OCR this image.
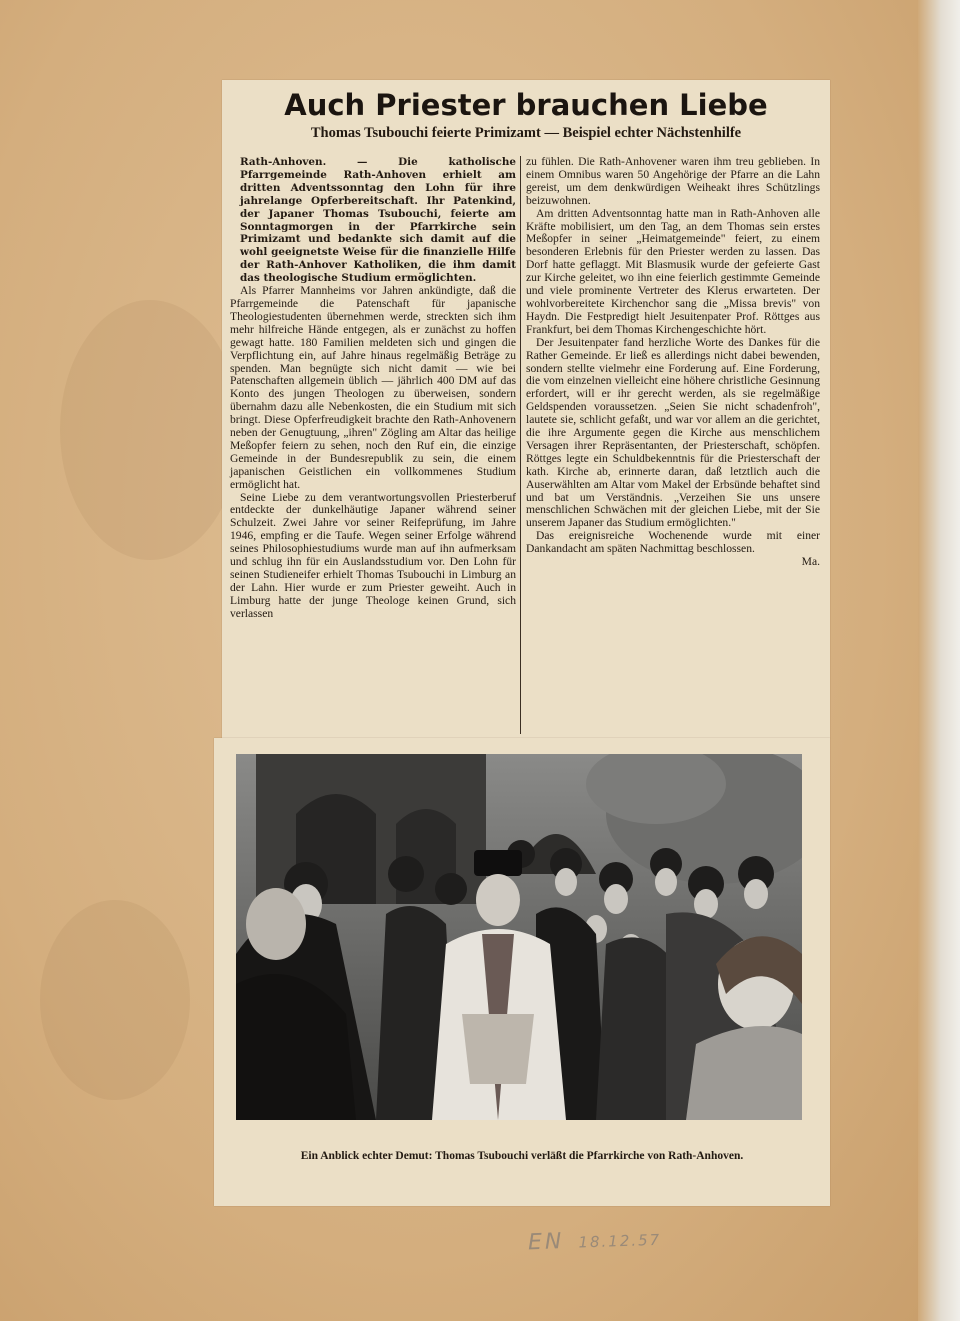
Auch Priester brauchen Liebe
Thomas Tsubouchi feierte Primizamt — Beispiel echter Nächstenhilfe

Rath-Anhoven. — Die katholische Pfarrgemeinde Rath-Anhoven erhielt am dritten Adventssonntag den Lohn für ihre jahrelange Opferbereitschaft. Ihr Patenkind, der Japaner Thomas Tsubouchi, feierte am Sonntagmorgen in der Pfarrkirche sein Primizamt und bedankte sich damit auf die wohl geeignetste Weise für die finanzielle Hilfe der Rath-Anhover Katholiken, die ihm damit das theologische Studium ermöglichten.

Als Pfarrer Mannheims vor Jahren ankündigte, daß die Pfarrgemeinde die Patenschaft für japanische Theologiestudenten übernehmen werde, streckten sich ihm mehr hilfreiche Hände entgegen, als er zunächst zu hoffen gewagt hatte. 180 Familien meldeten sich und gingen die Verpflichtung ein, auf Jahre hinaus regelmäßig Beträge zu spenden. Man begnügte sich nicht damit — wie bei Patenschaften allgemein üblich — jährlich 400 DM auf das Konto des jungen Theologen zu überweisen, sondern übernahm dazu alle Nebenkosten, die ein Studium mit sich bringt. Diese Opferfreudigkeit brachte den Rath-Anhovenern neben der Genugtuung, „ihren" Zögling am Altar das heilige Meßopfer feiern zu sehen, noch den Ruf ein, die einzige Gemeinde in der Bundesrepublik zu sein, die einem japanischen Geistlichen ein vollkommenes Studium ermöglicht hat.

Seine Liebe zu dem verantwortungsvollen Priesterberuf entdeckte der dunkelhäutige Japaner während seiner Schulzeit. Zwei Jahre vor seiner Reifeprüfung, im Jahre 1946, empfing er die Taufe. Wegen seiner Erfolge während seines Philosophiestudiums wurde man auf ihn aufmerksam und schlug ihn für ein Auslandsstudium vor. Den Lohn für seinen Studieneifer erhielt Thomas Tsubouchi in Limburg an der Lahn. Hier wurde er zum Priester geweiht. Auch in Limburg hatte der junge Theologe keinen Grund, sich verlassen

zu fühlen. Die Rath-Anhovener waren ihm treu geblieben. In einem Omnibus waren 50 Angehörige der Pfarre an die Lahn gereist, um dem denkwürdigen Weiheakt ihres Schützlings beizuwohnen.

Am dritten Adventsonntag hatte man in Rath-Anhoven alle Kräfte mobilisiert, um den Tag, an dem Thomas sein erstes Meßopfer in seiner „Heimatgemeinde" feiert, zu einem besonderen Erlebnis für den Priester werden zu lassen. Das Dorf hatte geflaggt. Mit Blasmusik wurde der gefeierte Gast zur Kirche geleitet, wo ihn eine feierlich gestimmte Gemeinde und viele prominente Vertreter des Klerus erwarteten. Der wohlvorbereitete Kirchenchor sang die „Missa brevis" von Haydn. Die Festpredigt hielt Jesuitenpater Prof. Röttges aus Frankfurt, bei dem Thomas Kirchengeschichte hört.

Der Jesuitenpater fand herzliche Worte des Dankes für die Rather Gemeinde. Er ließ es allerdings nicht dabei bewenden, sondern stellte vielmehr eine Forderung auf. Eine Forderung, die vom einzelnen vielleicht eine höhere christliche Gesinnung erfordert, will er ihr gerecht werden, als sie regelmäßige Geldspenden voraussetzen. „Seien Sie nicht schadenfroh", lautete sie, schlicht gefaßt, und war vor allem an die gerichtet, die ihre Argumente gegen die Kirche aus menschlichem Versagen ihrer Repräsentanten, der Priesterschaft, schöpfen. Röttges legte ein Schuldbekenntnis für die Priesterschaft der kath. Kirche ab, erinnerte daran, daß letztlich auch die Auserwählten am Altar vom Makel der Erbsünde behaftet sind und bat um Verständnis. „Verzeihen Sie uns unsere menschlichen Schwächen mit der gleichen Liebe, mit der Sie unserem Japaner das Studium ermöglichten."

Das ereignisreiche Wochenende wurde mit einer Dankandacht am späten Nachmittag beschlossen.

Ma.
Ein Anblick echter Demut: Thomas Tsubouchi verläßt die Pfarrkirche von Rath-Anhoven.
EN 18.12.57
